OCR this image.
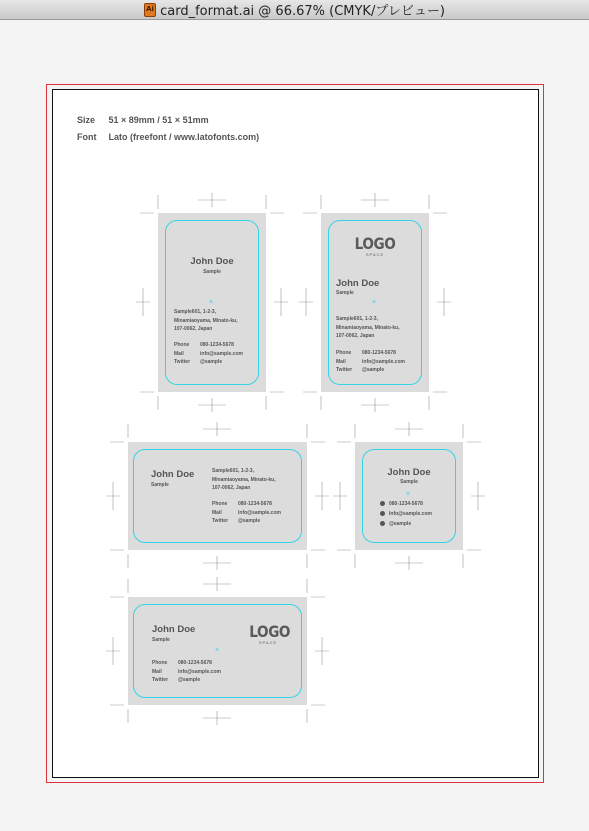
Ai
card_format.ai @ 66.67% (CMYK/プレビュー)
Size 51 × 89mm / 51 × 51mm
Font Lato (freefont / www.latofonts.com)
John Doe
Sample
×
Sample601, 1-2-3,
Minamiaoyama, Minato-ku,
107-0062, Japan
Phone 080-1234-5678
Mail	info@sample.com
Twitter @sample
LOGO
SPACE
John Doe
Sample
×
Sample601, 1-2-3,
Minamiaoyama, Minato-ku,
107-0062, Japan
Phone 080-1234-5678
Mail	info@sample.com
Twitter @sample
John Doe
Sample
Sample601, 1-2-3,
Minamiaoyama, Minato-ku,
107-0062, Japan
Phone 080-1234-5678
Mail	info@sample.com
Twitter @sample
John Doe
Sample
×
080-1234-5678
Info@sample.com
@eample
John Doe
Sample	LOGO
SPACE
×
Phone 080-1234-5678
Mail	info@sample.com
Twitter @sample
